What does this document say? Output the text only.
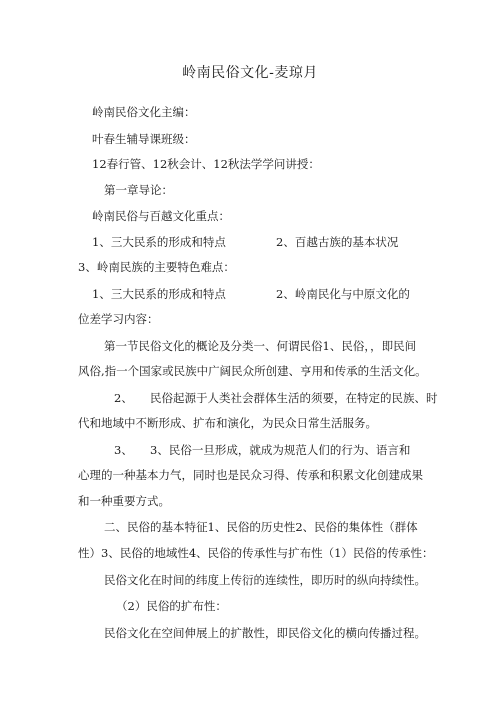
岭南民俗文化-麦琼月
岭南民俗文化主编：
叶春生辅导课班级：
12春行管、12秋会计、12秋法学学问讲授：
第一章导论：
岭南民俗与百越文化重点：
1、三大民系的形成和特点	2、百越古族的基本状况
3、岭南民族的主要特色难点：
1、三大民系的形成和特点	2、岭南民化与中原文化的
位差学习内容：
第一节民俗文化的概论及分类一、何谓民俗1、民俗，，即民间
风俗,指一个国家或民族中广阔民众所创建、亨用和传承的生活文化。
2、 民俗起源于人类社会群体生活的须要，在特定的民族、时
代和地域中不断形成、扩布和演化，为民众日常生活服务。
3、 3、民俗一旦形成，就成为规范人们的行为、语言和
心理的一种基本力气，同时也是民众习得、传承和积累文化创建成果
和一种重要方式。
二、民俗的基本特征1、民俗的历史性2、民俗的集体性（群体
性）3、民俗的地域性4、民俗的传承性与扩布性（1）民俗的传承性：
民俗文化在时间的纬度上传衍的连续性，即历时的纵向持续性。
（2）民俗的扩布性：
民俗文化在空间伸展上的扩散性，即民俗文化的横向传播过程。
